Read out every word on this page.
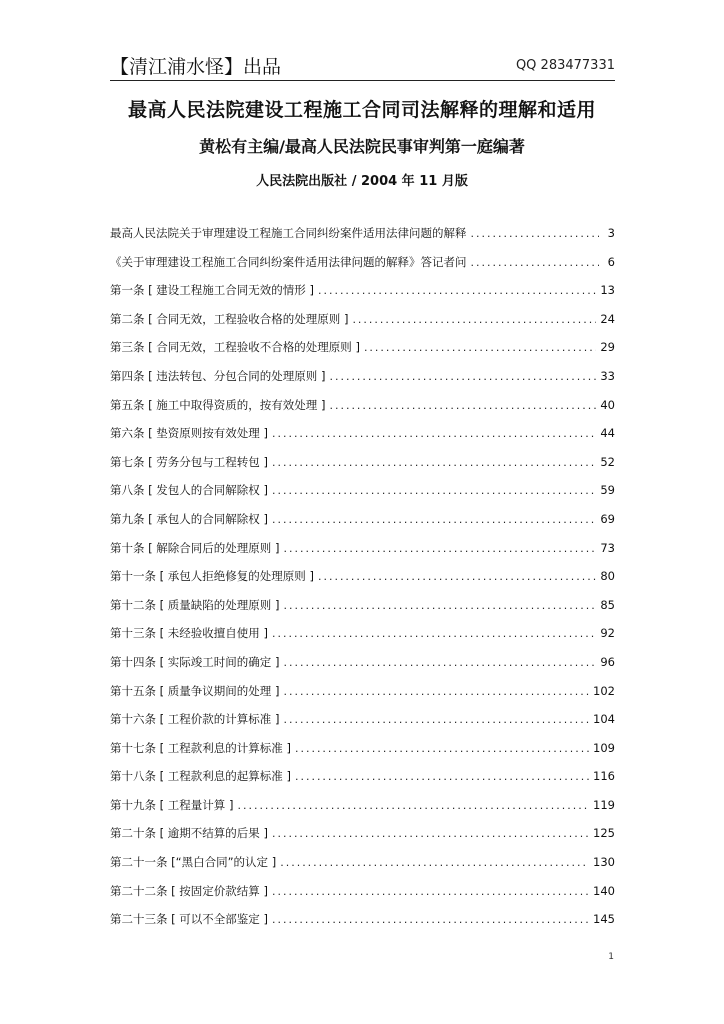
【清江浦水怪】出品	QQ 283477331
最高人民法院建设工程施工合同司法解释的理解和适用
黄松有主编/最高人民法院民事审判第一庭编著
人民法院出版社 / 2004 年 11 月版
最高人民法院关于审理建设工程施工合同纠纷案件适用法律问题的解释 .....	3
《关于审理建设工程施工合同纠纷案件适用法律问题的解释》答记者问 .....	6
第一条 [ 建设工程施工合同无效的情形 ] .....	13
第二条 [ 合同无效，工程验收合格的处理原则 ] .....	24
第三条 [ 合同无效，工程验收不合格的处理原则 ] .....	29
第四条 [ 违法转包、分包合同的处理原则 ] .....	33
第五条 [ 施工中取得资质的，按有效处理 ] .....	40
第六条 [ 垫资原则按有效处理 ] .....	44
第七条 [ 劳务分包与工程转包 ] .....	52
第八条 [ 发包人的合同解除权 ] .....	59
第九条 [ 承包人的合同解除权 ] .....	69
第十条 [ 解除合同后的处理原则 ] .....	73
第十一条 [ 承包人拒绝修复的处理原则 ] .....	80
第十二条 [ 质量缺陷的处理原则 ] .....	85
第十三条 [ 未经验收擅自使用 ] .....	92
第十四条 [ 实际竣工时间的确定 ] .....	96
第十五条 [ 质量争议期间的处理 ] .....	102
第十六条 [ 工程价款的计算标准 ] .....	104
第十七条 [ 工程款利息的计算标准 ] .....	109
第十八条 [ 工程款利息的起算标准 ] .....	116
第十九条 [ 工程量计算 ] .....	119
第二十条 [ 逾期不结算的后果 ] .....	125
第二十一条 [“黑白合同”的认定 ] .....	130
第二十二条 [ 按固定价款结算 ] .....	140
第二十三条 [ 可以不全部鉴定 ] .....	145
1
